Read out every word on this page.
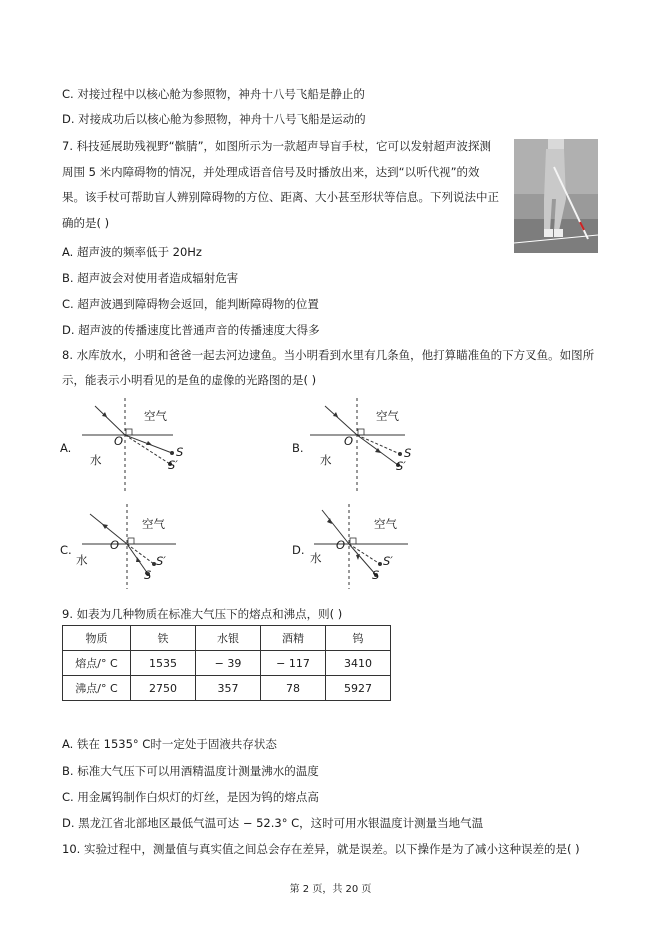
C. 对接过程中以核心舱为参照物，神舟十八号飞船是静止的
D. 对接成功后以核心舱为参照物，神舟十八号飞船是运动的
7. 科技延展助残视野“髌腈”，如图所示为一款超声导盲手杖，它可以发射超声波探测周围 5 米内障碍物的情况，并处理成语音信号及时播放出来，达到“以听代视”的效果。该手杖可帮助盲人辨别障碍物的方位、距离、大小甚至形状等信息。下列说法中正确的是( )
A. 超声波的频率低于 20Hz
B. 超声波会对使用者造成辐射危害
C. 超声波遇到障碍物会返回，能判断障碍物的位置
D. 超声波的传播速度比普通声音的传播速度大得多
8. 水库放水，小明和爸爸一起去河边逮鱼。当小明看到水里有几条鱼，他打算瞄准鱼的下方叉鱼。如图所
示，能表示小明看见的是鱼的虚像的光路图的是( )
空气
水
O
S
S′
A.
空气
水
O
S
S′
B.
空气
水
O
S′
S
C.
空气
水
O
S′
S
D.
9. 如表为几种物质在标准大气压下的熔点和沸点，则( )
物质	铁	水银	酒精	钨
熔点/° C	1535	− 39	− 117	3410
沸点/° C	2750	357	78	5927
A. 铁在 1535° C时一定处于固液共存状态
B. 标准大气压下可以用酒精温度计测量沸水的温度
C. 用金属钨制作白炽灯的灯丝，是因为钨的熔点高
D. 黑龙江省北部地区最低气温可达 − 52.3° C，这时可用水银温度计测量当地气温
10. 实验过程中，测量值与真实值之间总会存在差异，就是误差。以下操作是为了减小这种误差的是( )
第 2 页，共 20 页
